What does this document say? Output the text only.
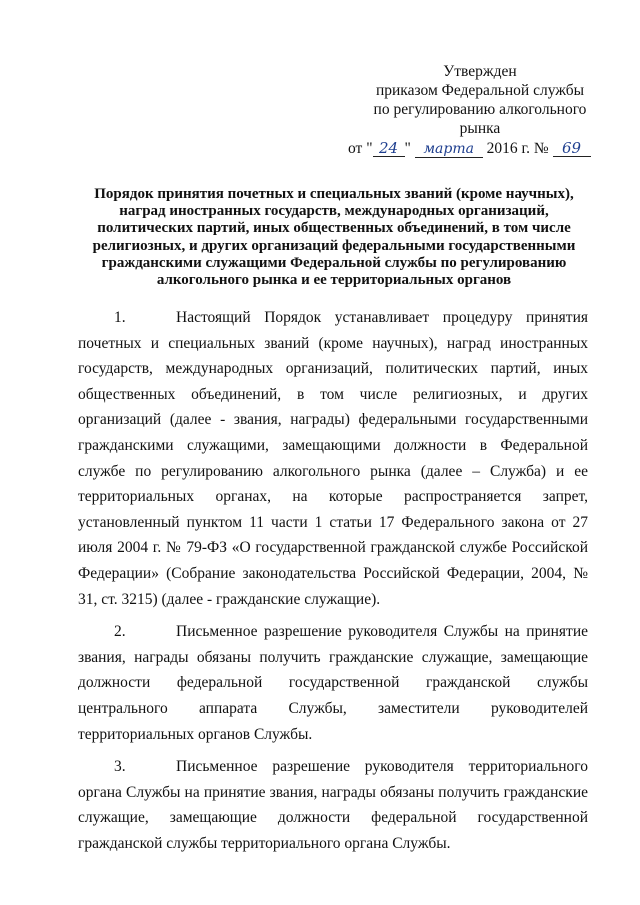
Утвержден
приказом Федеральной службы
по регулированию алкогольного
рынка
от " 24 " марта 2016 г. № 69
Порядок принятия почетных и специальных званий (кроме научных), наград иностранных государств, международных организаций, политических партий, иных общественных объединений, в том числе религиозных, и других организаций федеральными государственными гражданскими служащими Федеральной службы по регулированию алкогольного рынка и ее территориальных органов

1.	Настоящий Порядок устанавливает процедуру принятия почетных и специальных званий (кроме научных), наград иностранных государств, международных организаций, политических партий, иных общественных объединений, в том числе религиозных, и других организаций (далее - звания, награды) федеральными государственными гражданскими служащими, замещающими должности в Федеральной службе по регулированию алкогольного рынка (далее – Служба) и ее территориальных органах, на которые распространяется запрет, установленный пунктом 11 части 1 статьи 17 Федерального закона от 27 июля 2004 г. № 79-ФЗ «О государственной гражданской службе Российской Федерации» (Собрание законодательства Российской Федерации, 2004, № 31, ст. 3215) (далее - гражданские служащие).

2.	Письменное разрешение руководителя Службы на принятие звания, награды обязаны получить гражданские служащие, замещающие должности федеральной государственной гражданской службы центрального аппарата Службы, заместители руководителей территориальных органов Службы.

3.	Письменное разрешение руководителя территориального органа Службы на принятие звания, награды обязаны получить гражданские служащие, замещающие должности федеральной государственной гражданской службы территориального органа Службы.
